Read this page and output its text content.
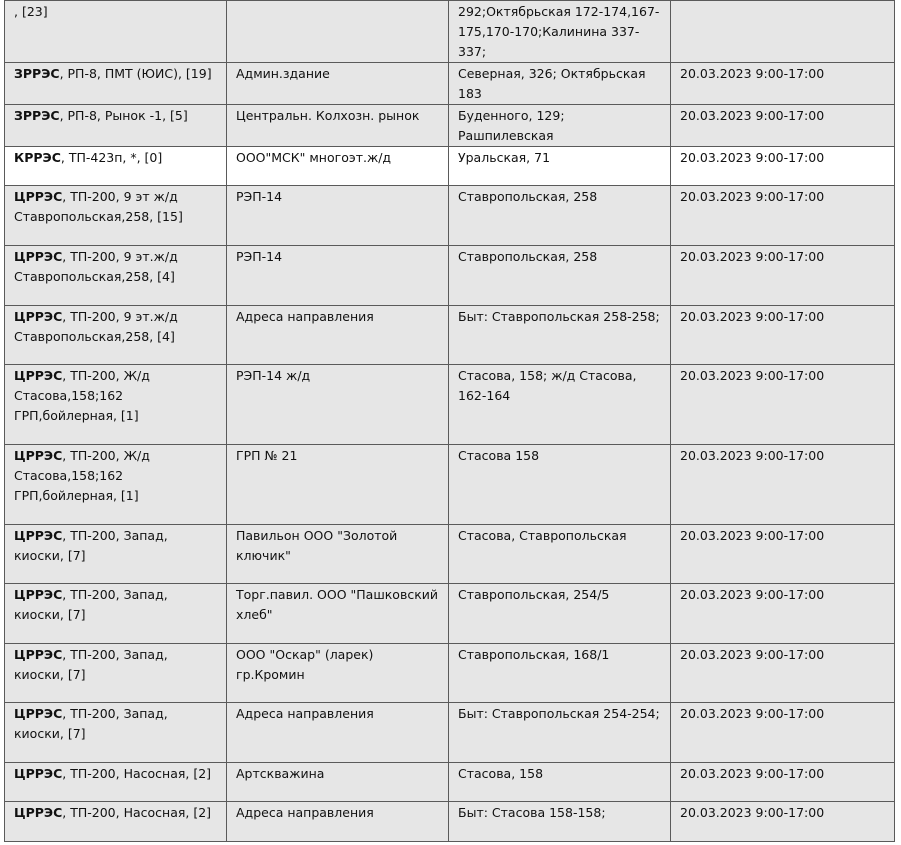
, [23]		292;Октябрьская 172-174,167-175,170-170;Калинина 337-337;	
ЗРРЭС, РП-8, ПМТ (ЮИС), [19]	Админ.здание	Северная, 326; Октябрьская 183	20.03.2023 9:00-17:00
ЗРРЭС, РП-8, Рынок -1, [5]	Центральн. Колхозн. рынок	Буденного, 129; Рашпилевская	20.03.2023 9:00-17:00
КРРЭС, ТП-423п, *, [0]	ООО"МСК" многоэт.ж/д	Уральская, 71	20.03.2023 9:00-17:00
ЦРРЭС, ТП-200, 9 эт ж/д Ставропольская,258, [15]	РЭП-14	Ставропольская, 258	20.03.2023 9:00-17:00
ЦРРЭС, ТП-200, 9 эт.ж/д Ставропольская,258, [4]	РЭП-14	Ставропольская, 258	20.03.2023 9:00-17:00
ЦРРЭС, ТП-200, 9 эт.ж/д Ставропольская,258, [4]	Адреса направления	Быт: Ставропольская 258-258;	20.03.2023 9:00-17:00
ЦРРЭС, ТП-200, Ж/д Стасова,158;162 ГРП,бойлерная, [1]	РЭП-14 ж/д	Стасова, 158; ж/д Стасова, 162-164	20.03.2023 9:00-17:00
ЦРРЭС, ТП-200, Ж/д Стасова,158;162 ГРП,бойлерная, [1]	ГРП № 21	Стасова 158	20.03.2023 9:00-17:00
ЦРРЭС, ТП-200, Запад, киоски, [7]	Павильон ООО "Золотой ключик"	Стасова, Ставропольская	20.03.2023 9:00-17:00
ЦРРЭС, ТП-200, Запад, киоски, [7]	Торг.павил. ООО "Пашковский хлеб"	Ставропольская, 254/5	20.03.2023 9:00-17:00
ЦРРЭС, ТП-200, Запад, киоски, [7]	ООО "Оскар" (ларек) гр.Кромин	Ставропольская, 168/1	20.03.2023 9:00-17:00
ЦРРЭС, ТП-200, Запад, киоски, [7]	Адреса направления	Быт: Ставропольская 254-254;	20.03.2023 9:00-17:00
ЦРРЭС, ТП-200, Насосная, [2]	Артскважина	Стасова, 158	20.03.2023 9:00-17:00
ЦРРЭС, ТП-200, Насосная, [2]	Адреса направления	Быт: Стасова 158-158;	20.03.2023 9:00-17:00
